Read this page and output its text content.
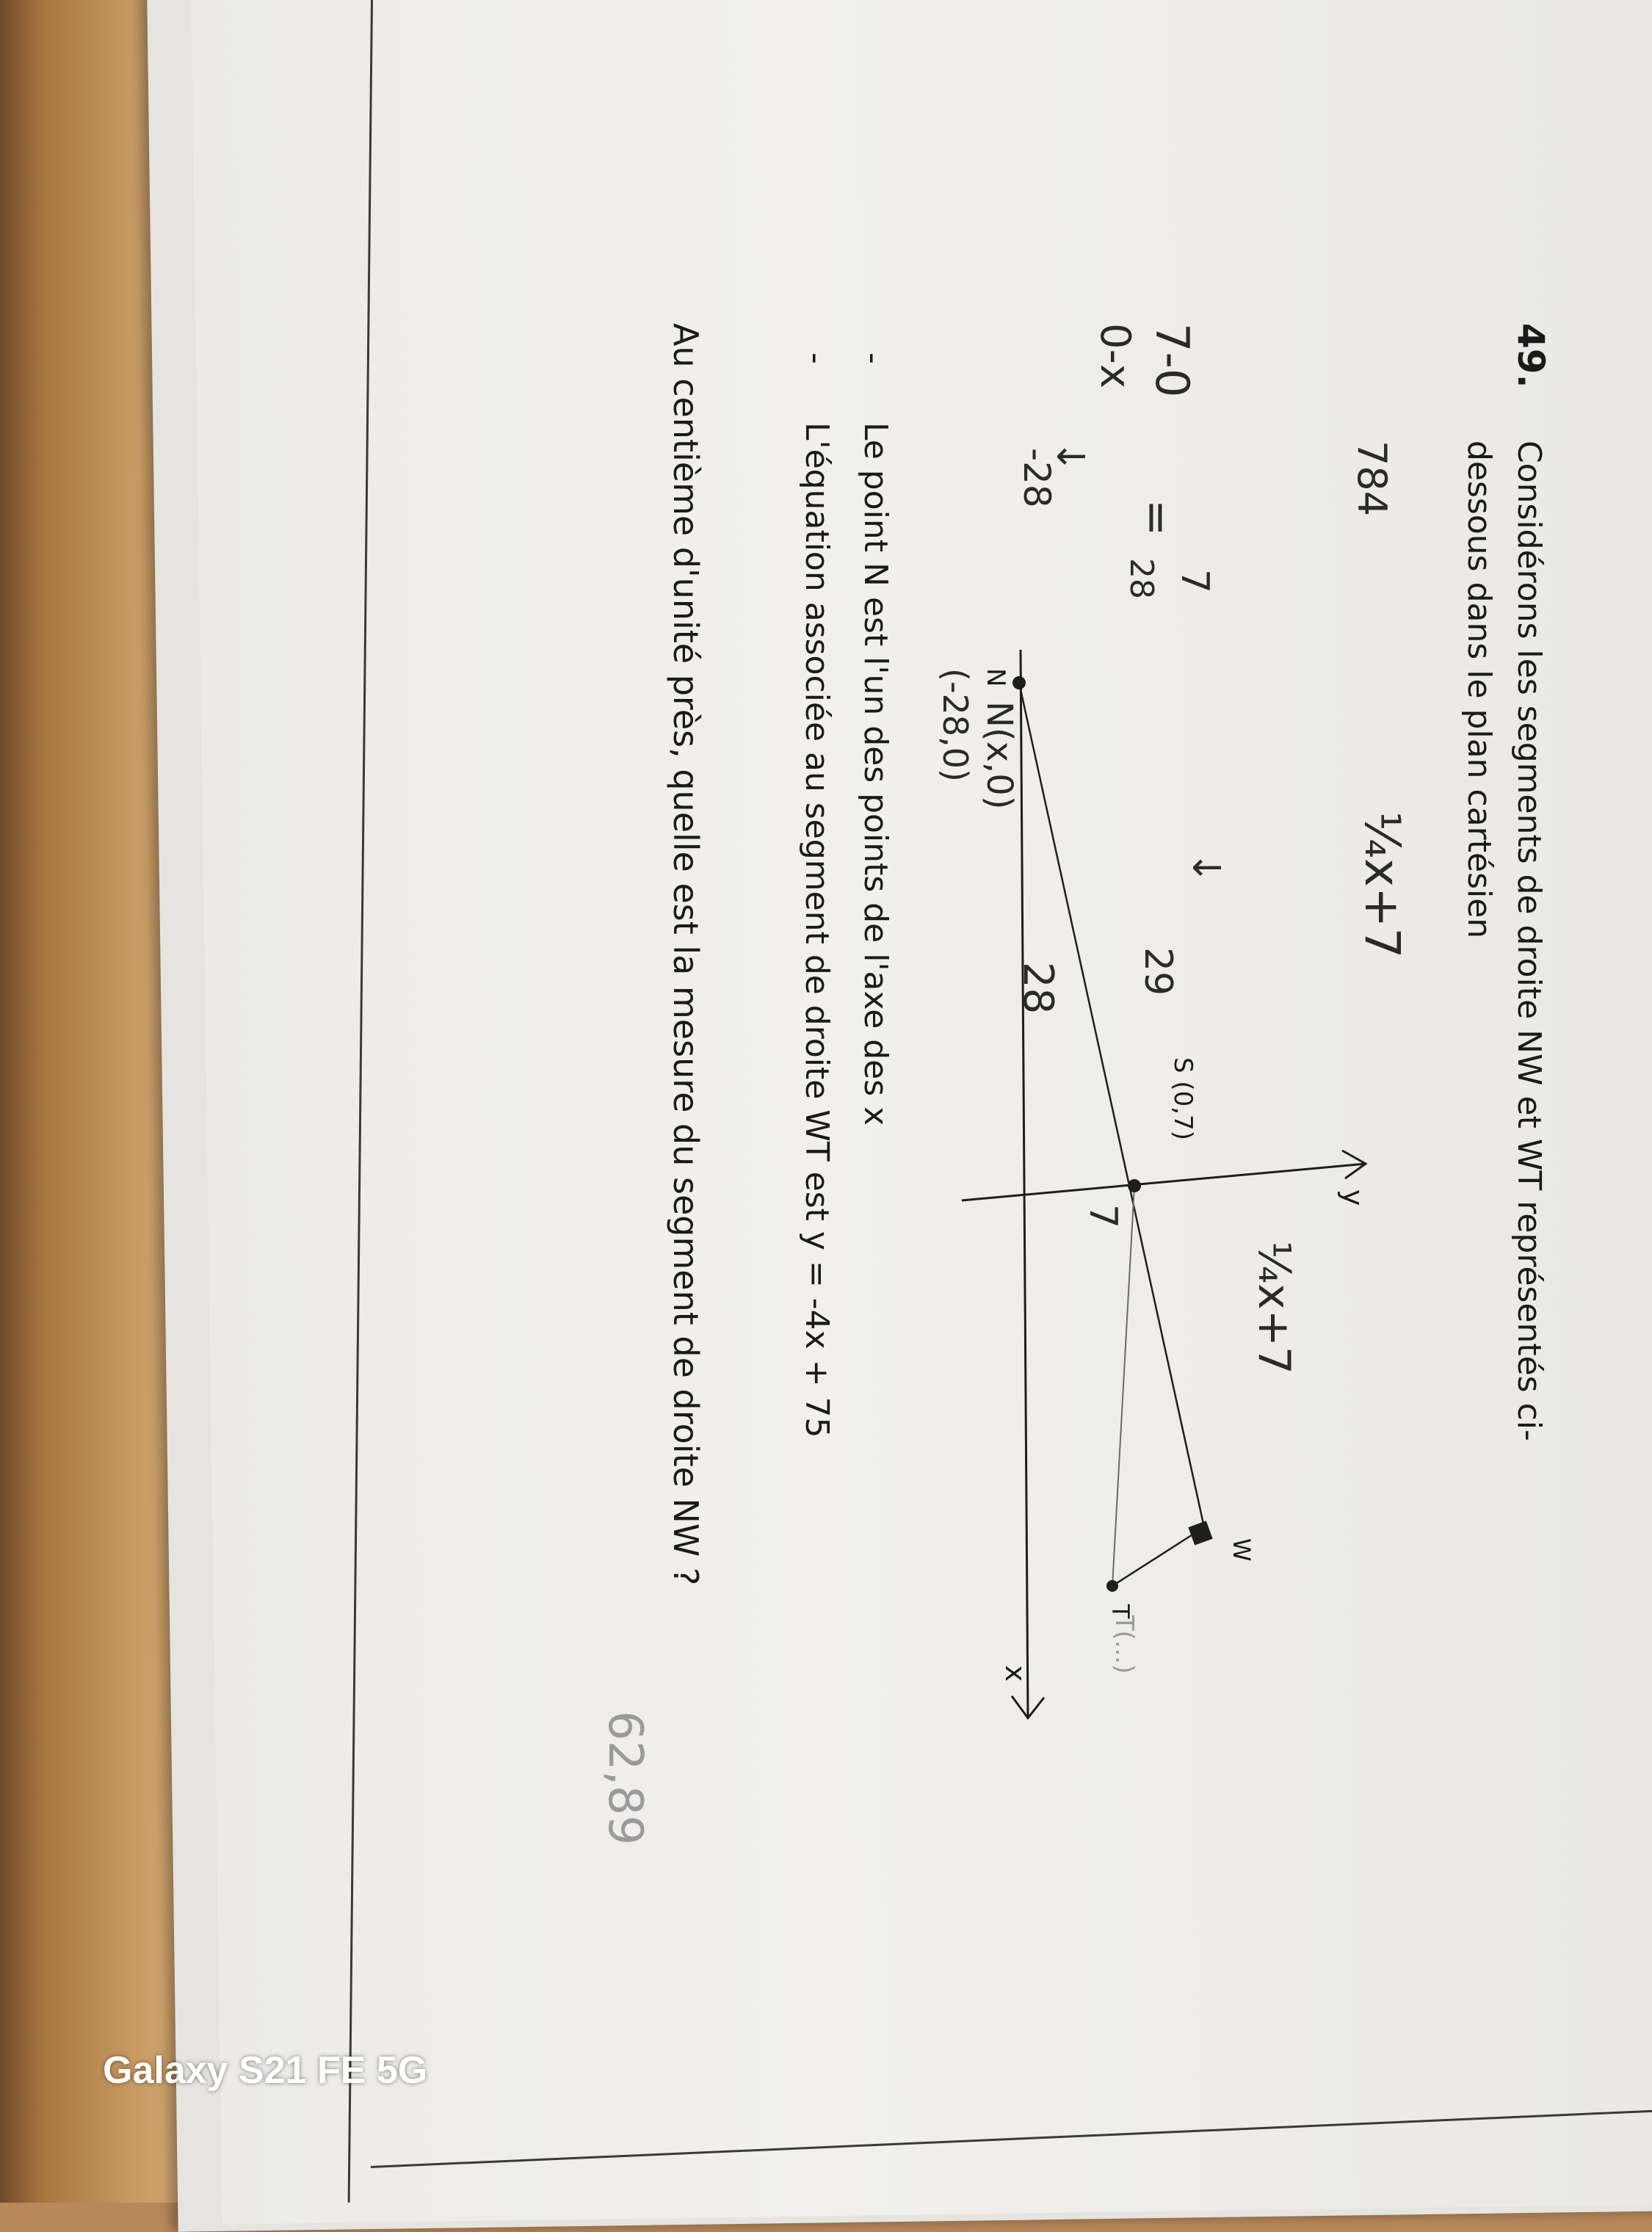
49.
Considérons les segments de droite NW et WT représentés ci-
dessous dans le plan cartésien
-
Le point N est l'un des points de l'axe des x
-
L'équation associée au segment de droite WT est y = -4x + 75
Au centième d'unité près, quelle est la mesure du segment de droite NW ?	y
x
S (0,7)
W
T
N
N(x,0)
(-28,0)
7-0
0-x
=
7
28
↓
-28	784
¼x+7
↓
29
28
7
¼x+7
T(...)
62,89
Galaxy S21 FE 5G
